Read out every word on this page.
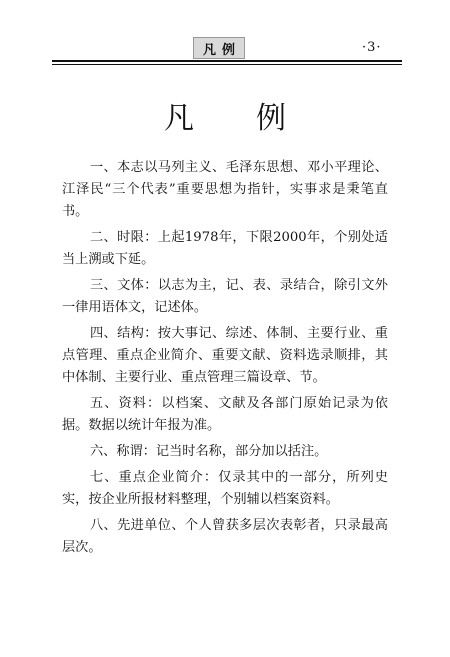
凡例	·3·
凡例

一、本志以马列主义、毛泽东思想、邓小平理论、江泽民“三个代表”重要思想为指针，实事求是秉笔直书。

二、时限：上起1978年，下限2000年，个别处适当上溯或下延。

三、文体：以志为主，记、表、录结合，除引文外一律用语体文，记述体。

四、结构：按大事记、综述、体制、主要行业、重点管理、重点企业简介、重要文献、资料选录顺排，其中体制、主要行业、重点管理三篇设章、节。

五、资料：以档案、文献及各部门原始记录为依据。数据以统计年报为准。

六、称谓：记当时名称，部分加以括注。

七、重点企业简介：仅录其中的一部分，所列史实，按企业所报材料整理，个别辅以档案资料。

八、先进单位、个人曾获多层次表彰者，只录最高层次。
